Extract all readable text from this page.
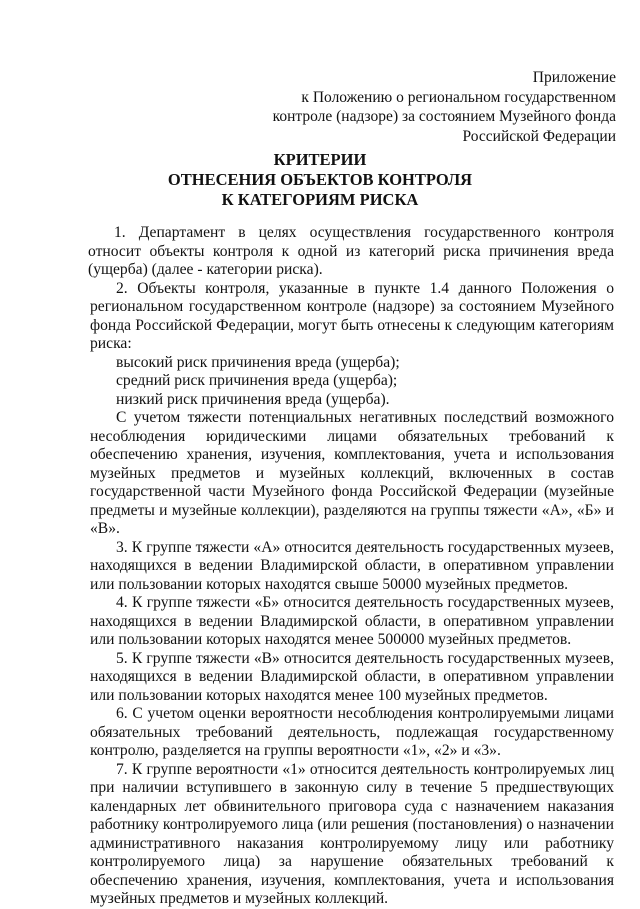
Приложение
к Положению о региональном государственном
контроле (надзоре) за состоянием Музейного фонда
Российской Федерации
КРИТЕРИИ
ОТНЕСЕНИЯ ОБЪЕКТОВ КОНТРОЛЯ
К КАТЕГОРИЯМ РИСКА

1. Департамент в целях осуществления государственного контроля относит объекты контроля к одной из категорий риска причинения вреда (ущерба) (далее - категории риска).

2. Объекты контроля, указанные в пункте 1.4 данного Положения о региональном государственном контроле (надзоре) за состоянием Музейного фонда Российской Федерации, могут быть отнесены к следующим категориям риска:

высокий риск причинения вреда (ущерба);

средний риск причинения вреда (ущерба);

низкий риск причинения вреда (ущерба).

С учетом тяжести потенциальных негативных последствий возможного несоблюдения юридическими лицами обязательных требований к обеспечению хранения, изучения, комплектования, учета и использования музейных предметов и музейных коллекций, включенных в состав государственной части Музейного фонда Российской Федерации (музейные предметы и музейные коллекции), разделяются на группы тяжести «А», «Б» и «В».

3. К группе тяжести «А» относится деятельность государственных музеев, находящихся в ведении Владимирской области, в оперативном управлении или пользовании которых находятся свыше 50000 музейных предметов.

4. К группе тяжести «Б» относится деятельность государственных музеев, находящихся в ведении Владимирской области, в оперативном управлении или пользовании которых находятся менее 500000 музейных предметов.

5. К группе тяжести «В» относится деятельность государственных музеев, находящихся в ведении Владимирской области, в оперативном управлении или пользовании которых находятся менее 100 музейных предметов.

6. С учетом оценки вероятности несоблюдения контролируемыми лицами обязательных требований деятельность, подлежащая государственному контролю, разделяется на группы вероятности «1», «2» и «3».

7. К группе вероятности «1» относится деятельность контролируемых лиц при наличии вступившего в законную силу в течение 5 предшествующих календарных лет обвинительного приговора суда с назначением наказания работнику контролируемого лица (или решения (постановления) о назначении административного наказания контролируемому лицу или работнику контролируемого лица) за нарушение обязательных требований к обеспечению хранения, изучения, комплектования, учета и использования музейных предметов и музейных коллекций.
